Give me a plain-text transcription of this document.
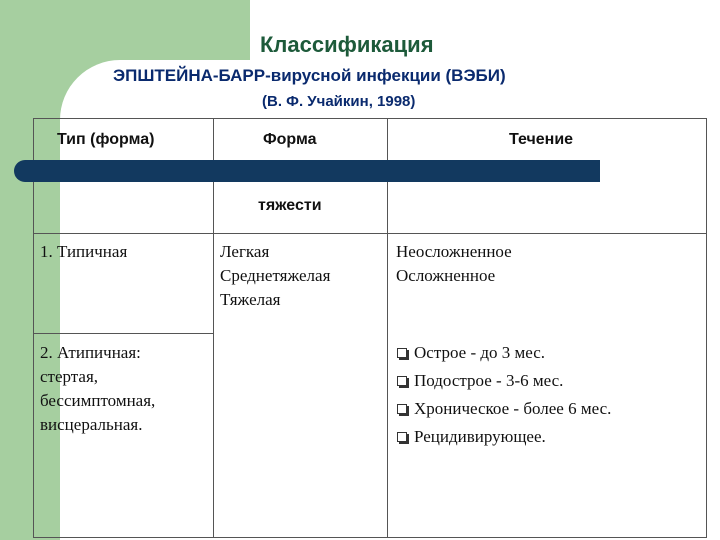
Классификация
ЭПШТЕЙНА-БАРР-вирусной инфекции (ВЭБИ)
(В. Ф. Учайкин, 1998)
Тип (форма)	Форма
тяжести
Течение
1. Типичная
2. Атипичная:
стертая,
бессимптомная,
висцеральная.
Легкая
Среднетяжелая
Тяжелая
Неосложненное
Осложненное
Острое - до 3 мес.
Подострое - 3-6 мес.
Хроническое - более 6 мес.
Рецидивирующее.
